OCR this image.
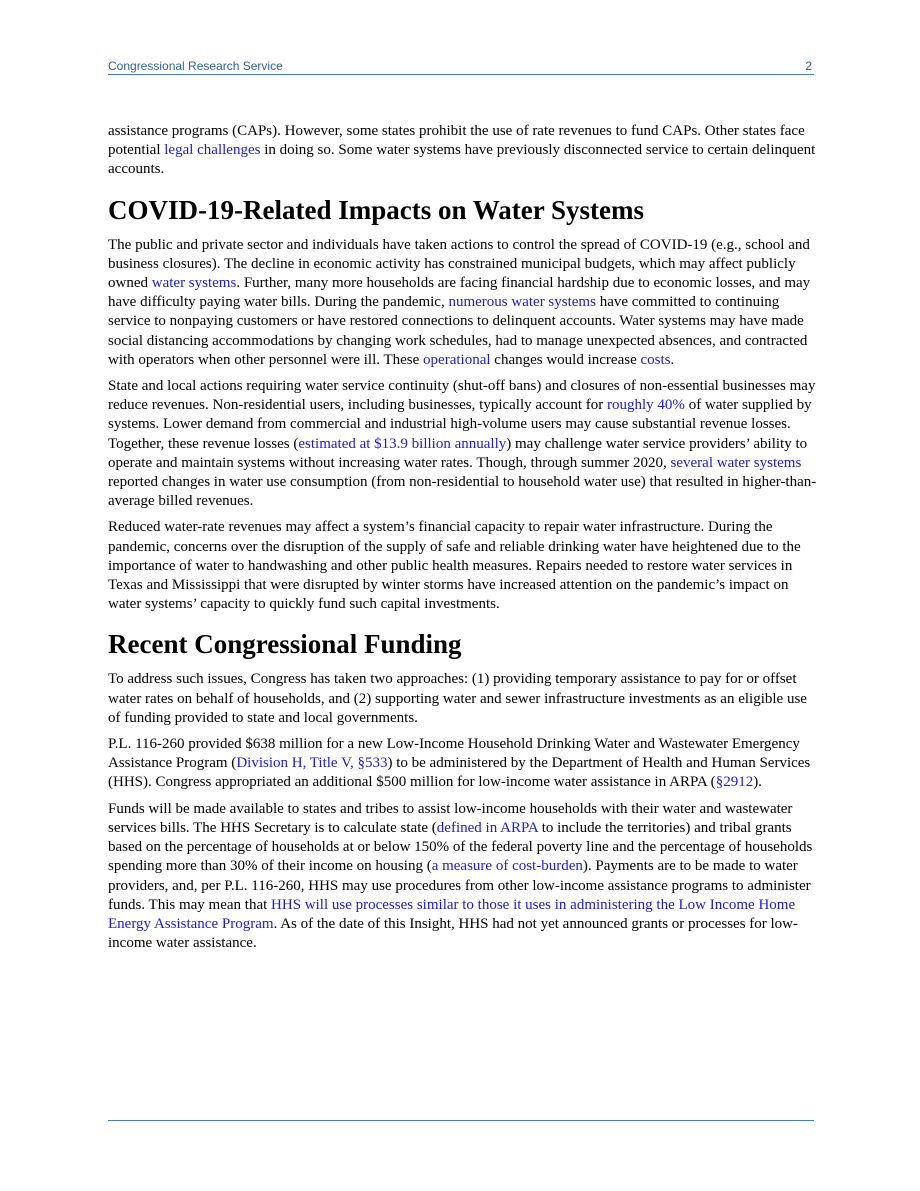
Congressional Research Service	2

assistance programs (CAPs). However, some states prohibit the use of rate revenues to fund CAPs. Other states face potential legal challenges in doing so. Some water systems have previously disconnected service to certain delinquent accounts.

COVID-19-Related Impacts on Water Systems

The public and private sector and individuals have taken actions to control the spread of COVID-19 (e.g., school and business closures). The decline in economic activity has constrained municipal budgets, which may affect publicly owned water systems. Further, many more households are facing financial hardship due to economic losses, and may have difficulty paying water bills. During the pandemic, numerous water systems have committed to continuing service to nonpaying customers or have restored connections to delinquent accounts. Water systems may have made social distancing accommodations by changing work schedules, had to manage unexpected absences, and contracted with operators when other personnel were ill. These operational changes would increase costs.

State and local actions requiring water service continuity (shut-off bans) and closures of non-essential businesses may reduce revenues. Non-residential users, including businesses, typically account for roughly 40% of water supplied by systems. Lower demand from commercial and industrial high-volume users may cause substantial revenue losses. Together, these revenue losses (estimated at $13.9 billion annually) may challenge water service providers’ ability to operate and maintain systems without increasing water rates. Though, through summer 2020, several water systems reported changes in water use consumption (from non-residential to household water use) that resulted in higher-than-average billed revenues.

Reduced water-rate revenues may affect a system’s financial capacity to repair water infrastructure. During the pandemic, concerns over the disruption of the supply of safe and reliable drinking water have heightened due to the importance of water to handwashing and other public health measures. Repairs needed to restore water services in Texas and Mississippi that were disrupted by winter storms have increased attention on the pandemic’s impact on water systems’ capacity to quickly fund such capital investments.

Recent Congressional Funding

To address such issues, Congress has taken two approaches: (1) providing temporary assistance to pay for or offset water rates on behalf of households, and (2) supporting water and sewer infrastructure investments as an eligible use of funding provided to state and local governments.

P.L. 116-260 provided $638 million for a new Low-Income Household Drinking Water and Wastewater Emergency Assistance Program (Division H, Title V, §533) to be administered by the Department of Health and Human Services (HHS). Congress appropriated an additional $500 million for low-income water assistance in ARPA (§2912).

Funds will be made available to states and tribes to assist low-income households with their water and wastewater services bills. The HHS Secretary is to calculate state (defined in ARPA to include the territories) and tribal grants based on the percentage of households at or below 150% of the federal poverty line and the percentage of households spending more than 30% of their income on housing (a measure of cost-burden). Payments are to be made to water providers, and, per P.L. 116-260, HHS may use procedures from other low-income assistance programs to administer funds. This may mean that HHS will use processes similar to those it uses in administering the Low Income Home Energy Assistance Program. As of the date of this Insight, HHS had not yet announced grants or processes for low-income water assistance.
